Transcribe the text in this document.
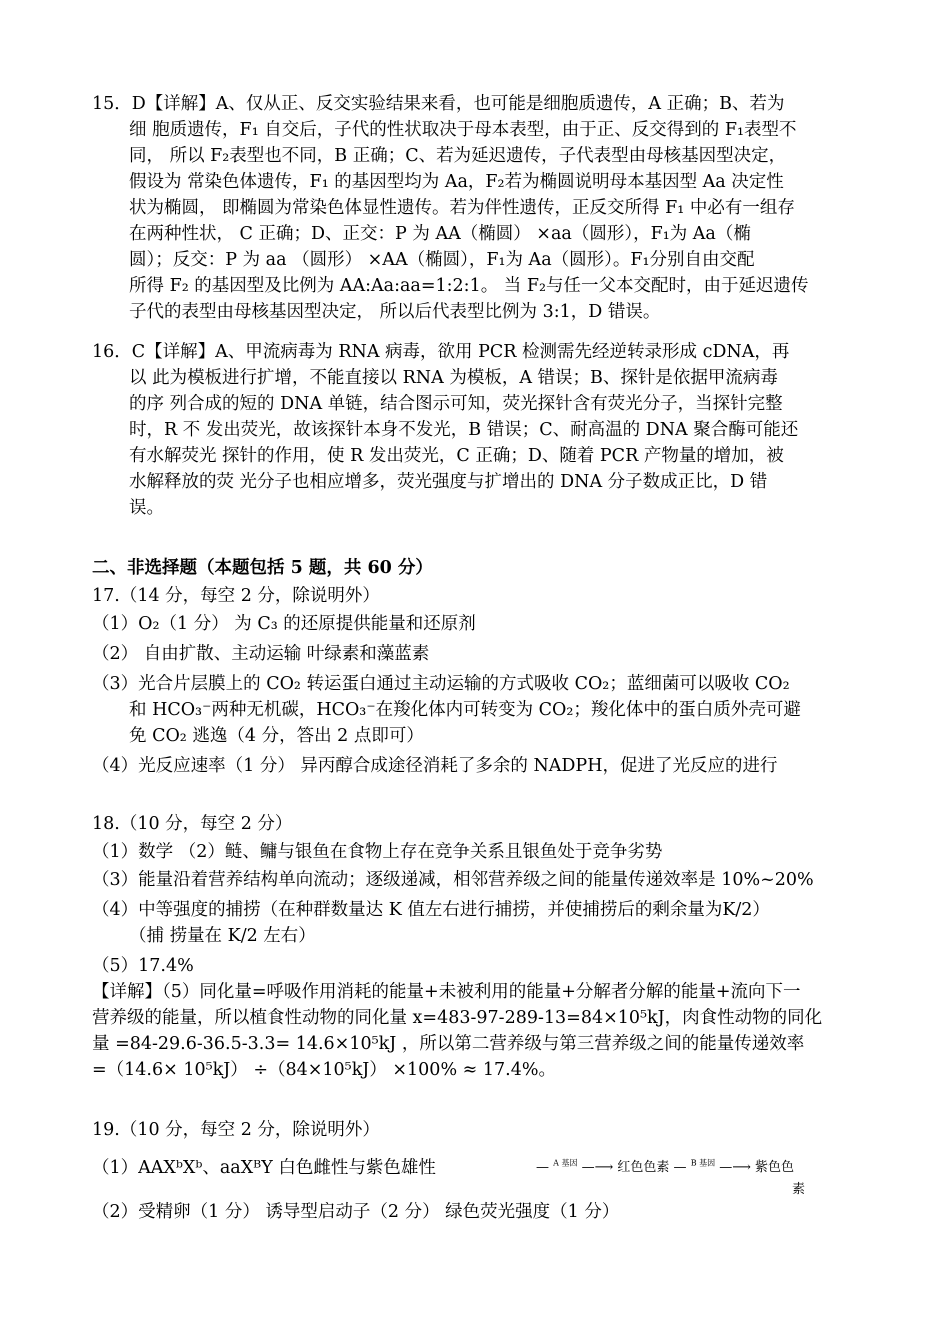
15．D【详解】A、仅从正、反交实验结果来看，也可能是细胞质遗传，A 正确；B、若为
细 胞质遗传，F₁ 自交后，子代的性状取决于母本表型，由于正、反交得到的 F₁表型不
同， 所以 F₂表型也不同，B 正确；C、若为延迟遗传，子代表型由母核基因型决定，
假设为 常染色体遗传，F₁ 的基因型均为 Aa，F₂若为椭圆说明母本基因型 Aa 决定性
状为椭圆， 即椭圆为常染色体显性遗传。若为伴性遗传，正反交所得 F₁ 中必有一组存
在两种性状， C 正确；D、正交：P 为 AA（椭圆） ×aa（圆形），F₁为 Aa（椭
圆）；反交：P 为 aa （圆形） ×AA（椭圆），F₁为 Aa（圆形）。F₁分别自由交配
所得 F₂ 的基因型及比例为 AA:Aa:aa=1:2:1。 当 F₂与任一父本交配时，由于延迟遗传
子代的表型由母核基因型决定， 所以后代表型比例为 3:1，D 错误。
16．C【详解】A、甲流病毒为 RNA 病毒，欲用 PCR 检测需先经逆转录形成 cDNA，再
以 此为模板进行扩增，不能直接以 RNA 为模板，A 错误；B、探针是依据甲流病毒
的序 列合成的短的 DNA 单链，结合图示可知，荧光探针含有荧光分子，当探针完整
时，R 不 发出荧光，故该探针本身不发光，B 错误；C、耐高温的 DNA 聚合酶可能还
有水解荧光 探针的作用，使 R 发出荧光，C 正确；D、随着 PCR 产物量的增加，被
水解释放的荧 光分子也相应增多，荧光强度与扩增出的 DNA 分子数成正比，D 错
误。
二、非选择题（本题包括 5 题，共 60 分）
17.（14 分，每空 2 分，除说明外）
（1）O₂（1 分） 为 C₃ 的还原提供能量和还原剂
（2） 自由扩散、主动运输 叶绿素和藻蓝素
（3）光合片层膜上的 CO₂ 转运蛋白通过主动运输的方式吸收 CO₂；蓝细菌可以吸收 CO₂
和 HCO₃⁻两种无机碳，HCO₃⁻在羧化体内可转变为 CO₂；羧化体中的蛋白质外壳可避
免 CO₂ 逃逸（4 分，答出 2 点即可）
（4）光反应速率（1 分） 异丙醇合成途径消耗了多余的 NADPH，促进了光反应的进行
18.（10 分，每空 2 分）
（1）数学 （2）鲢、鳙与银鱼在食物上存在竞争关系且银鱼处于竞争劣势
（3）能量沿着营养结构单向流动；逐级递减，相邻营养级之间的能量传递效率是 10%~20%
（4）中等强度的捕捞（在种群数量达 K 值左右进行捕捞，并使捕捞后的剩余量为K/2）
（捕 捞量在 K/2 左右）
（5）17.4%
【详解】（5）同化量=呼吸作用消耗的能量+未被利用的能量+分解者分解的能量+流向下一
营养级的能量，所以植食性动物的同化量 x=483-97-289-13=84×10⁵kJ，肉食性动物的同化
量 =84-29.6-36.5-3.3= 14.6×10⁵kJ ，所以第二营养级与第三营养级之间的能量传递效率
=（14.6× 10⁵kJ） ÷（84×10⁵kJ） ×100% ≈ 17.4%。
19.（10 分，每空 2 分，除说明外）
（1）AAXᵇXᵇ、aaXᴮY 白色雌性与紫色雄性	— $^{A 基因}$ —⟶ 红色色素 — $^{B 基因}$ —⟶ 紫色色
素
（2）受精卵（1 分） 诱导型启动子（2 分） 绿色荧光强度（1 分）
